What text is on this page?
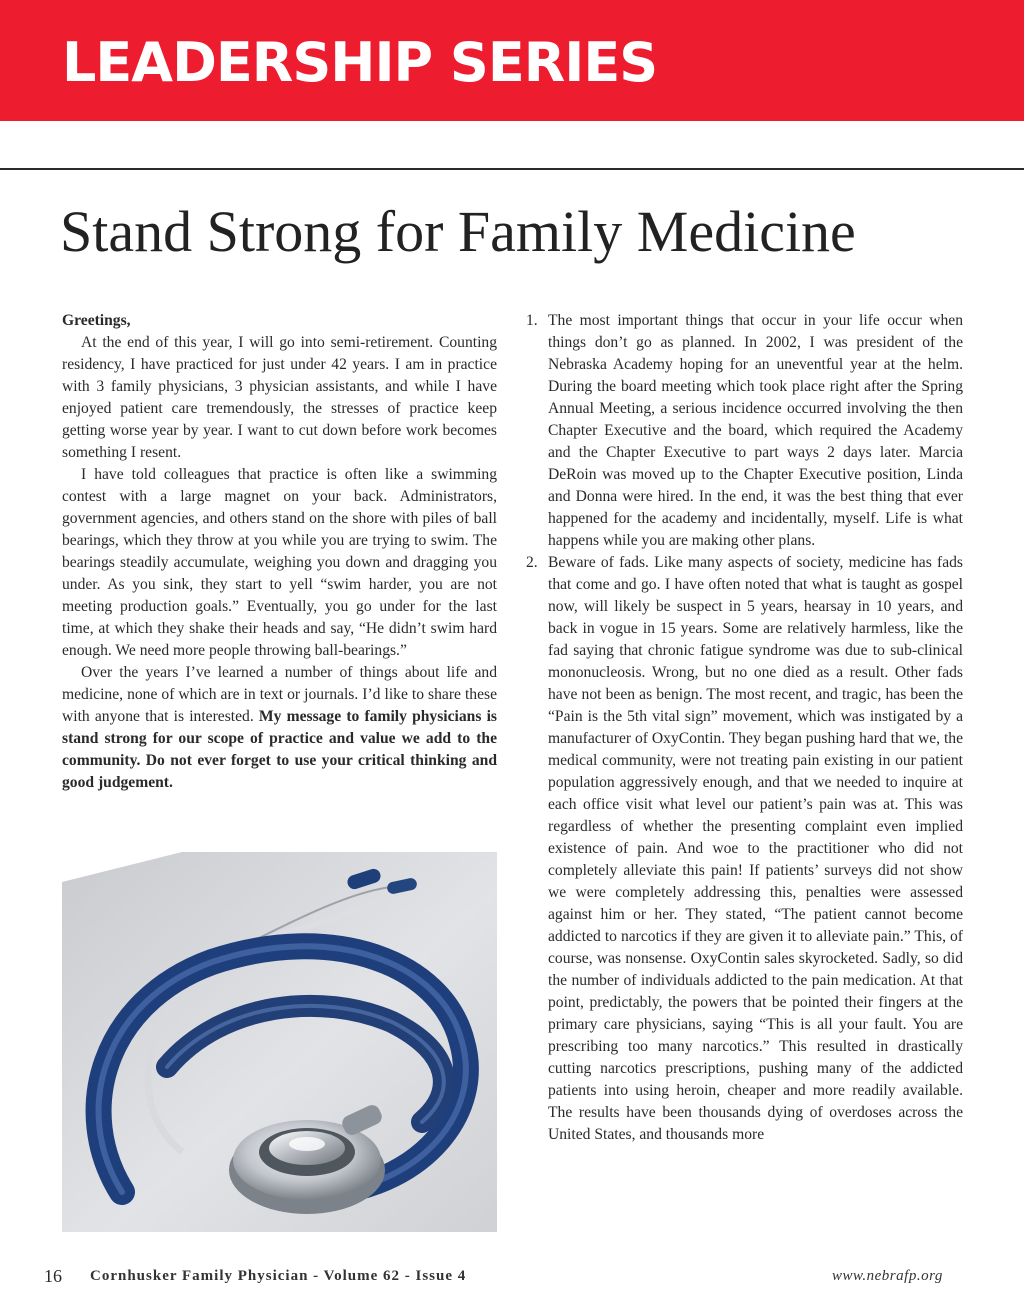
LEADERSHIP SERIES
Stand Strong for Family Medicine

Greetings,

At the end of this year, I will go into semi-retirement. Counting residency, I have practiced for just under 42 years. I am in practice with 3 family physicians, 3 physician assistants, and while I have enjoyed patient care tremendously, the stresses of practice keep getting worse year by year. I want to cut down before work becomes something I resent.

I have told colleagues that practice is often like a swimming contest with a large magnet on your back. Administrators, government agencies, and others stand on the shore with piles of ball bearings, which they throw at you while you are trying to swim. The bearings steadily accumulate, weighing you down and dragging you under. As you sink, they start to yell “swim harder, you are not meeting production goals.” Eventually, you go under for the last time, at which they shake their heads and say, “He didn’t swim hard enough. We need more people throwing ball-bearings.”

Over the years I’ve learned a number of things about life and medicine, none of which are in text or journals. I’d like to share these with anyone that is interested. My message to family physicians is stand strong for our scope of practice and value we add to the community. Do not ever forget to use your critical thinking and good judgement.

1. The most important things that occur in your life occur when things don’t go as planned. In 2002, I was president of the Nebraska Academy hoping for an uneventful year at the helm. During the board meeting which took place right after the Spring Annual Meeting, a serious incidence occurred involving the then Chapter Executive and the board, which required the Academy and the Chapter Executive to part ways 2 days later. Marcia DeRoin was moved up to the Chapter Executive position, Linda and Donna were hired. In the end, it was the best thing that ever happened for the academy and incidentally, myself. Life is what happens while you are making other plans.
2. Beware of fads. Like many aspects of society, medicine has fads that come and go. I have often noted that what is taught as gospel now, will likely be suspect in 5 years, hearsay in 10 years, and back in vogue in 15 years. Some are relatively harmless, like the fad saying that chronic fatigue syndrome was due to sub-clinical mononucleosis. Wrong, but no one died as a result. Other fads have not been as benign. The most recent, and tragic, has been the “Pain is the 5th vital sign” movement, which was instigated by a manufacturer of OxyContin. They began pushing hard that we, the medical community, were not treating pain existing in our patient population aggressively enough, and that we needed to inquire at each office visit what level our patient’s pain was at. This was regardless of whether the presenting complaint even implied existence of pain. And woe to the practitioner who did not completely alleviate this pain! If patients’ surveys did not show we were completely addressing this, penalties were assessed against him or her. They stated, “The patient cannot become addicted to narcotics if they are given it to alleviate pain.” This, of course, was nonsense. OxyContin sales skyrocketed. Sadly, so did the number of individuals addicted to the pain medication. At that point, predictably, the powers that be pointed their fingers at the primary care physicians, saying “This is all your fault. You are prescribing too many narcotics.” This resulted in drastically cutting narcotics prescriptions, pushing many of the addicted patients into using heroin, cheaper and more readily available. The results have been thousands dying of overdoses across the United States, and thousands more
16 Cornhusker Family Physician - Volume 62 - Issue 4	www.nebrafp.org
